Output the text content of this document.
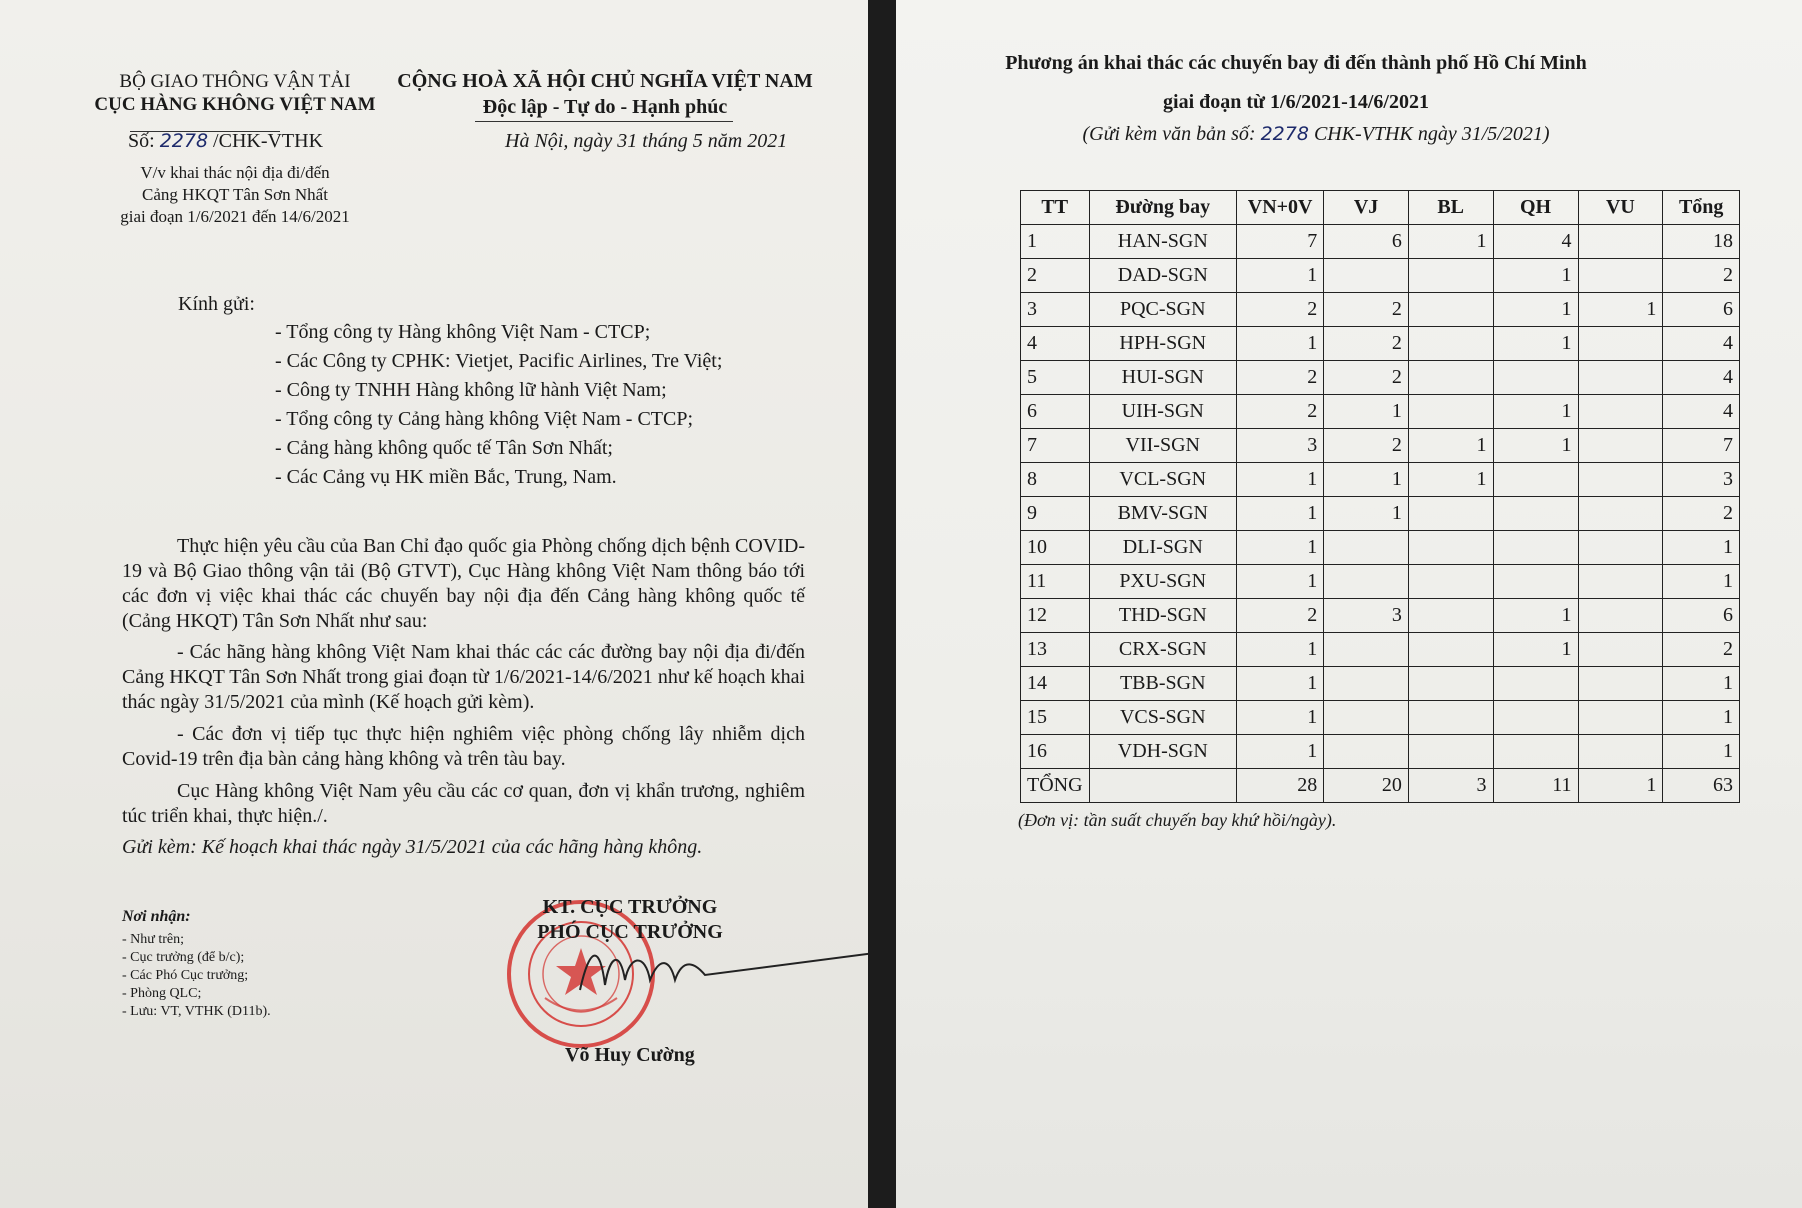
BỘ GIAO THÔNG VẬN TẢI
CỤC HÀNG KHÔNG VIỆT NAM
Số: 2278 /CHK-VTHK
V/v khai thác nội địa đi/đến
Cảng HKQT Tân Sơn Nhất
giai đoạn 1/6/2021 đến 14/6/2021
CỘNG HOÀ XÃ HỘI CHỦ NGHĨA VIỆT NAM
Độc lập - Tự do - Hạnh phúc
Hà Nội, ngày 31 tháng 5 năm 2021
Kính gửi:
- Tổng công ty Hàng không Việt Nam - CTCP;
- Các Công ty CPHK: Vietjet, Pacific Airlines, Tre Việt;
- Công ty TNHH Hàng không lữ hành Việt Nam;
- Tổng công ty Cảng hàng không Việt Nam - CTCP;
- Cảng hàng không quốc tế Tân Sơn Nhất;
- Các Cảng vụ HK miền Bắc, Trung, Nam.
Thực hiện yêu cầu của Ban Chỉ đạo quốc gia Phòng chống dịch bệnh COVID-19 và Bộ Giao thông vận tải (Bộ GTVT), Cục Hàng không Việt Nam thông báo tới các đơn vị việc khai thác các chuyến bay nội địa đến Cảng hàng không quốc tế (Cảng HKQT) Tân Sơn Nhất như sau:
- Các hãng hàng không Việt Nam khai thác các các đường bay nội địa đi/đến Cảng HKQT Tân Sơn Nhất trong giai đoạn từ 1/6/2021-14/6/2021 như kế hoạch khai thác ngày 31/5/2021 của mình (Kế hoạch gửi kèm).
- Các đơn vị tiếp tục thực hiện nghiêm việc phòng chống lây nhiễm dịch Covid-19 trên địa bàn cảng hàng không và trên tàu bay.
Cục Hàng không Việt Nam yêu cầu các cơ quan, đơn vị khẩn trương, nghiêm túc triển khai, thực hiện./.
Gửi kèm: Kế hoạch khai thác ngày 31/5/2021 của các hãng hàng không.
Nơi nhận:
- Như trên;
- Cục trưởng (để b/c);
- Các Phó Cục trưởng;
- Phòng QLC;
- Lưu: VT, VTHK (D11b).
KT. CỤC TRƯỞNG
PHÓ CỤC TRƯỞNG
Võ Huy Cường
Phương án khai thác các chuyến bay đi đến thành phố Hồ Chí Minh
giai đoạn từ 1/6/2021-14/6/2021
(Gửi kèm văn bản số: 2278 CHK-VTHK ngày 31/5/2021)
TT	Đường bay	VN+0V	VJ	BL	QH	VU	Tổng
1	HAN-SGN	7	6	1	4		18
2	DAD-SGN	1			1		2
3	PQC-SGN	2	2		1	1	6
4	HPH-SGN	1	2		1		4
5	HUI-SGN	2	2				4
6	UIH-SGN	2	1		1		4
7	VII-SGN	3	2	1	1		7
8	VCL-SGN	1	1	1			3
9	BMV-SGN	1	1				2
10	DLI-SGN	1					1
11	PXU-SGN	1					1
12	THD-SGN	2	3		1		6
13	CRX-SGN	1			1		2
14	TBB-SGN	1					1
15	VCS-SGN	1					1
16	VDH-SGN	1					1
TỔNG		28	20	3	11	1	63
(Đơn vị: tần suất chuyến bay khứ hồi/ngày).
